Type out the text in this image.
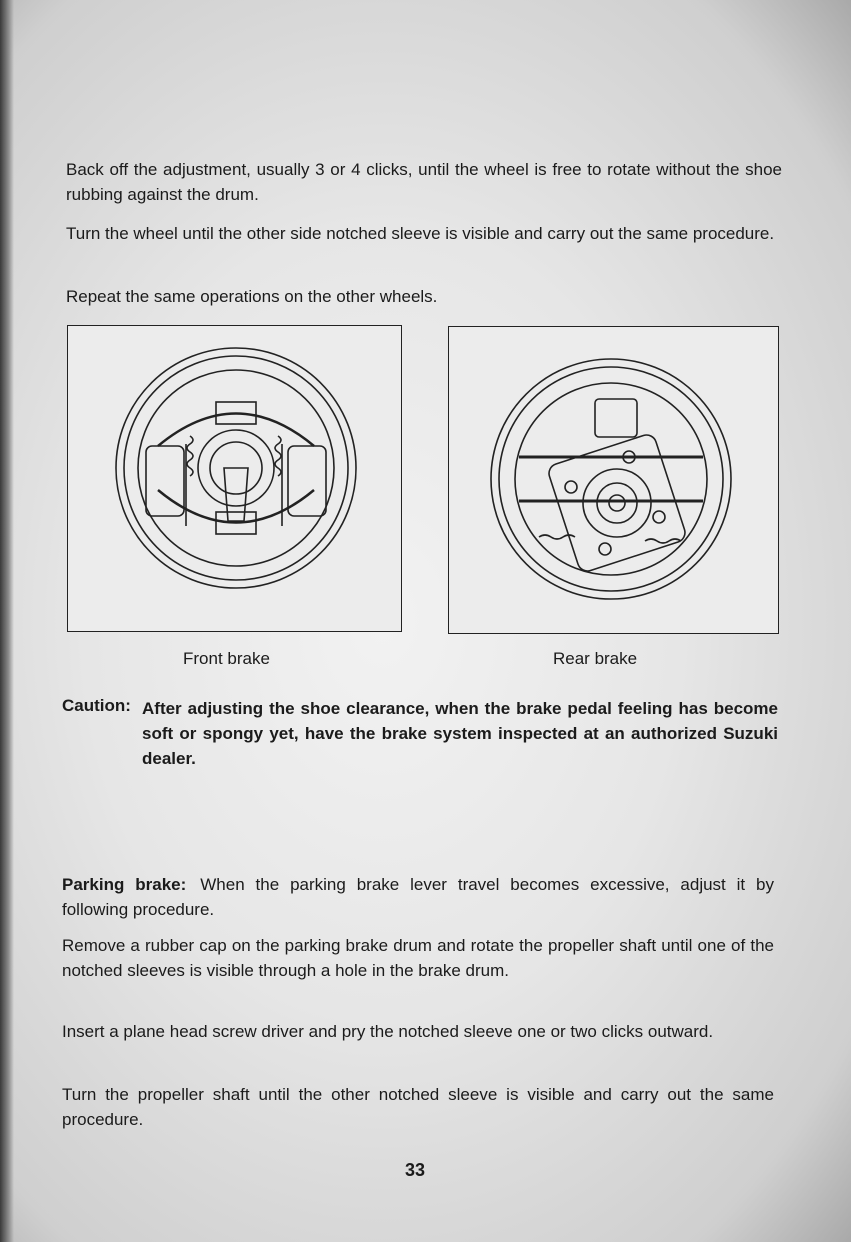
Back off the adjustment, usually 3 or 4 clicks, until the wheel is free to rotate without the shoe rubbing against the drum.

Turn the wheel until the other side notched sleeve is visible and carry out the same procedure.

Repeat the same operations on the other wheels.

Front brake	Rear brake
Caution: After adjusting the shoe clearance, when the brake pedal feeling has become soft or spongy yet, have the brake system inspected at an authorized Suzuki dealer.

Parking brake: When the parking brake lever travel becomes excessive, adjust it by following procedure.

Remove a rubber cap on the parking brake drum and rotate the propeller shaft until one of the notched sleeves is visible through a hole in the brake drum.

Insert a plane head screw driver and pry the notched sleeve one or two clicks outward.

Turn the propeller shaft until the other notched sleeve is visible and carry out the same procedure.

33
